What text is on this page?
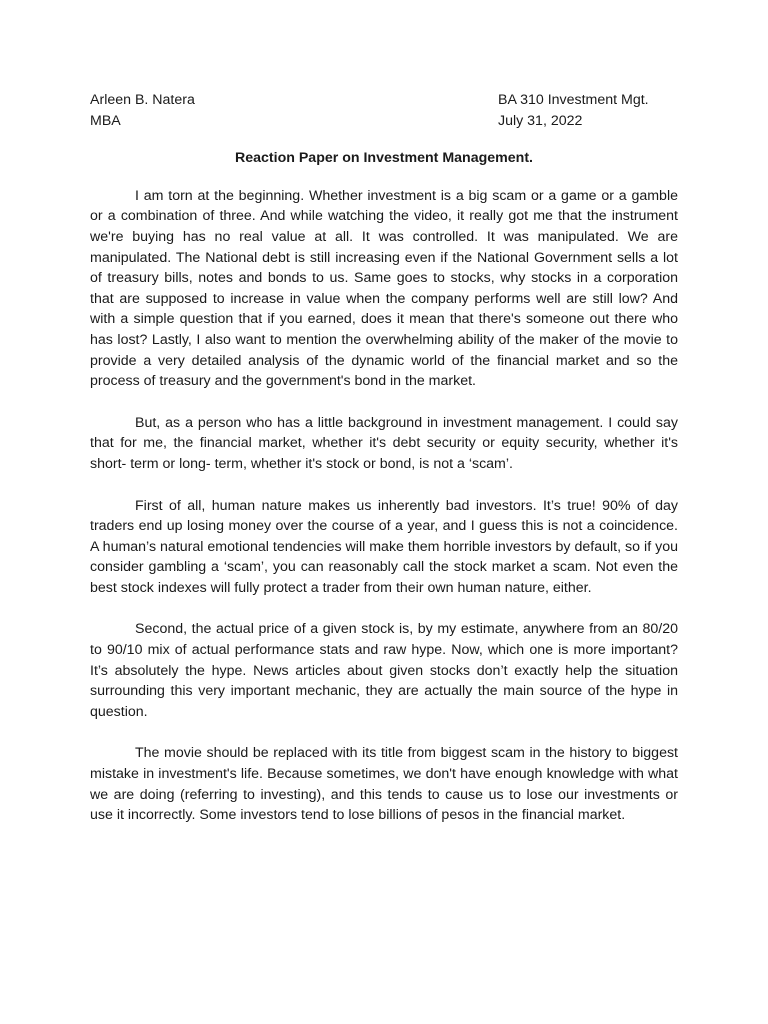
Arleen B. Natera
MBA
BA 310 Investment Mgt.
July 31, 2022
Reaction Paper on Investment Management.

I am torn at the beginning. Whether investment is a big scam or a game or a gamble or a combination of three. And while watching the video, it really got me that the instrument we're buying has no real value at all. It was controlled. It was manipulated. We are manipulated. The National debt is still increasing even if the National Government sells a lot of treasury bills, notes and bonds to us. Same goes to stocks, why stocks in a corporation that are supposed to increase in value when the company performs well are still low? And with a simple question that if you earned, does it mean that there's someone out there who has lost? Lastly, I also want to mention the overwhelming ability of the maker of the movie to provide a very detailed analysis of the dynamic world of the financial market and so the process of treasury and the government's bond in the market.

But, as a person who has a little background in investment management. I could say that for me, the financial market, whether it's debt security or equity security, whether it's short- term or long- term, whether it's stock or bond, is not a ‘scam’.

First of all, human nature makes us inherently bad investors. It’s true! 90% of day traders end up losing money over the course of a year, and I guess this is not a coincidence. A human’s natural emotional tendencies will make them horrible investors by default, so if you consider gambling a ‘scam’, you can reasonably call the stock market a scam. Not even the best stock indexes will fully protect a trader from their own human nature, either.

Second, the actual price of a given stock is, by my estimate, anywhere from an 80/20 to 90/10 mix of actual performance stats and raw hype. Now, which one is more important? It’s absolutely the hype. News articles about given stocks don’t exactly help the situation surrounding this very important mechanic, they are actually the main source of the hype in question.

The movie should be replaced with its title from biggest scam in the history to biggest mistake in investment's life. Because sometimes, we don't have enough knowledge with what we are doing (referring to investing), and this tends to cause us to lose our investments or use it incorrectly. Some investors tend to lose billions of pesos in the financial market.
